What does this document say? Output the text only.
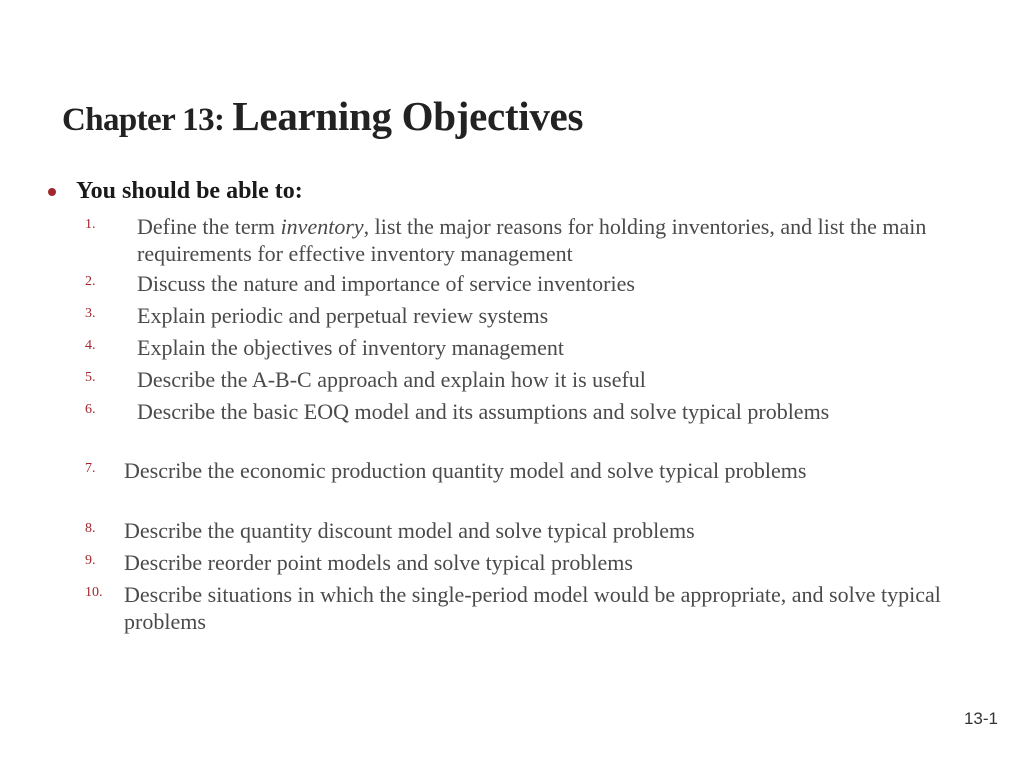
Chapter 13: Learning Objectives
You should be able to:
1. Define the term inventory, list the major reasons for holding inventories, and list the main requirements for effective inventory management
2. Discuss the nature and importance of service inventories
3. Explain periodic and perpetual review systems
4. Explain the objectives of inventory management
5. Describe the A-B-C approach and explain how it is useful
6. Describe the basic EOQ model and its assumptions and solve typical problems
7. Describe the economic production quantity model and solve typical problems
8. Describe the quantity discount model and solve typical problems
9. Describe reorder point models and solve typical problems
10. Describe situations in which the single-period model would be appropriate, and solve typical problems
13-1
